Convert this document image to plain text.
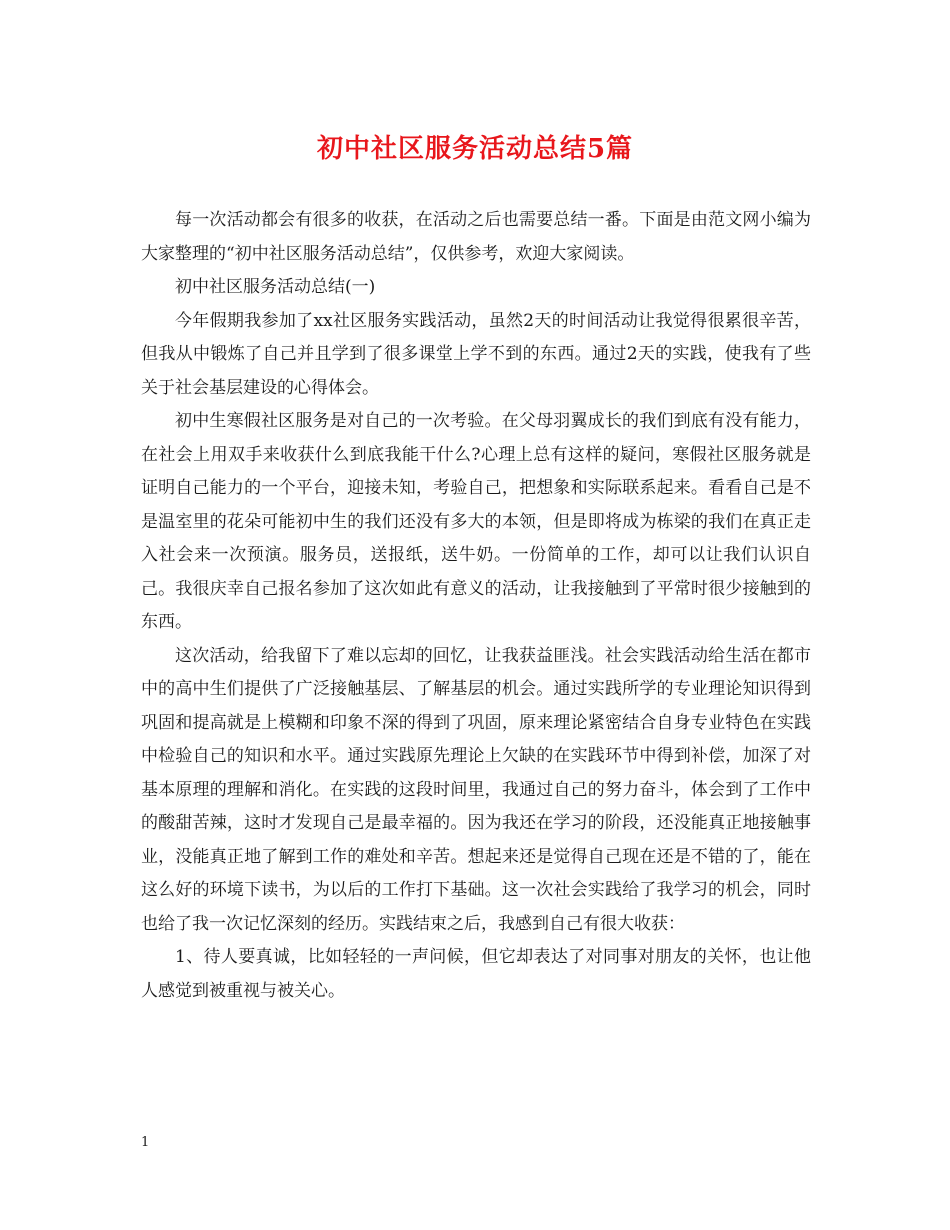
初中社区服务活动总结5篇

每一次活动都会有很多的收获，在活动之后也需要总结一番。下面是由范文网小编为大家整理的“初中社区服务活动总结”，仅供参考，欢迎大家阅读。

初中社区服务活动总结(一)

今年假期我参加了xx社区服务实践活动，虽然2天的时间活动让我觉得很累很辛苦，但我从中锻炼了自己并且学到了很多课堂上学不到的东西。通过2天的实践，使我有了些关于社会基层建设的心得体会。

初中生寒假社区服务是对自己的一次考验。在父母羽翼成长的我们到底有没有能力，在社会上用双手来收获什么到底我能干什么?心理上总有这样的疑问，寒假社区服务就是证明自己能力的一个平台，迎接未知，考验自己，把想象和实际联系起来。看看自己是不是温室里的花朵可能初中生的我们还没有多大的本领，但是即将成为栋梁的我们在真正走入社会来一次预演。服务员，送报纸，送牛奶。一份简单的工作，却可以让我们认识自己。我很庆幸自己报名参加了这次如此有意义的活动，让我接触到了平常时很少接触到的东西。

这次活动，给我留下了难以忘却的回忆，让我获益匪浅。社会实践活动给生活在都市中的高中生们提供了广泛接触基层、了解基层的机会。通过实践所学的专业理论知识得到巩固和提高就是上模糊和印象不深的得到了巩固，原来理论紧密结合自身专业特色在实践中检验自己的知识和水平。通过实践原先理论上欠缺的在实践环节中得到补偿，加深了对基本原理的理解和消化。在实践的这段时间里，我通过自己的努力奋斗，体会到了工作中的酸甜苦辣，这时才发现自己是最幸福的。因为我还在学习的阶段，还没能真正地接触事业，没能真正地了解到工作的难处和辛苦。想起来还是觉得自己现在还是不错的了，能在这么好的环境下读书，为以后的工作打下基础。这一次社会实践给了我学习的机会，同时也给了我一次记忆深刻的经历。实践结束之后，我感到自己有很大收获：

1、待人要真诚，比如轻轻的一声问候，但它却表达了对同事对朋友的关怀，也让他人感觉到被重视与被关心。

1
